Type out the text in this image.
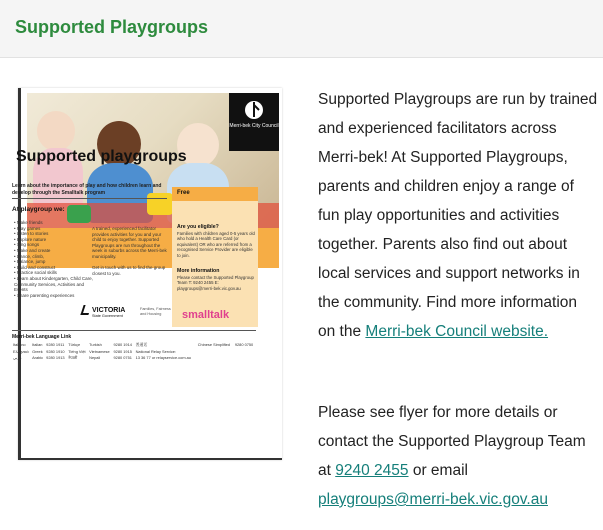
Supported Playgroups
Merri-bek City Council
Supported playgroups
Learn about the importance of play and how children learn and develop through the Smalltalk program
At playgroup we:
• Make friends
• Play games
• Listen to stories
• Explore nature
• Sing songs
• Make and create
• Dance, climb,
• Balance, jump
• Build and construct
• Practice social skills
• Learn about Kindergarten, Child Care, Community Services, Activities and Events
• Share parenting experiences
A trained, experienced facilitator provides activities for you and your child to enjoy together. Supported Playgroups are run throughout the week in suburbs across the Merri-bek municipality.

Get in touch with us to find the group closest to you.
Free
Are you eligible?
Families with children aged 0-5 years old who hold a Health Care Card (or equivalent) OR who are referred from a recognised Service Provider are eligible to join.
More information
Please contact the Supported Playgroup Team T: 9240 2455 E: playgroups@merri-bek.vic.gov.au
VICTORIA
State Government
Families, Fairness and Housing	smalltalk
Merri-bek Language Link
Italiano	Italian	9280 1911	Türkçe	Turkish	9280 1914	普通话	Chinese Simplified	9280 0750
Ελληνικά	Greek	9280 1910	Tiếng Việt	Vietnamese	9280 1915	National Relay Service:		
عربي	Arabic	9280 1913	नेपाली	Nepali	9280 0751	13 36 77 or relayservice.com.au		

Supported Playgroups are run by trained and experienced facilitators across Merri-bek! At Supported Playgroups, parents and children enjoy a range of fun play opportunities and activities together. Parents also find out about local services and support networks in the community. Find more information on the Merri-bek Council website.

Please see flyer for more details or contact the Supported Playgroup Team at 9240 2455 or email
playgroups@merri-bek.vic.gov.au
